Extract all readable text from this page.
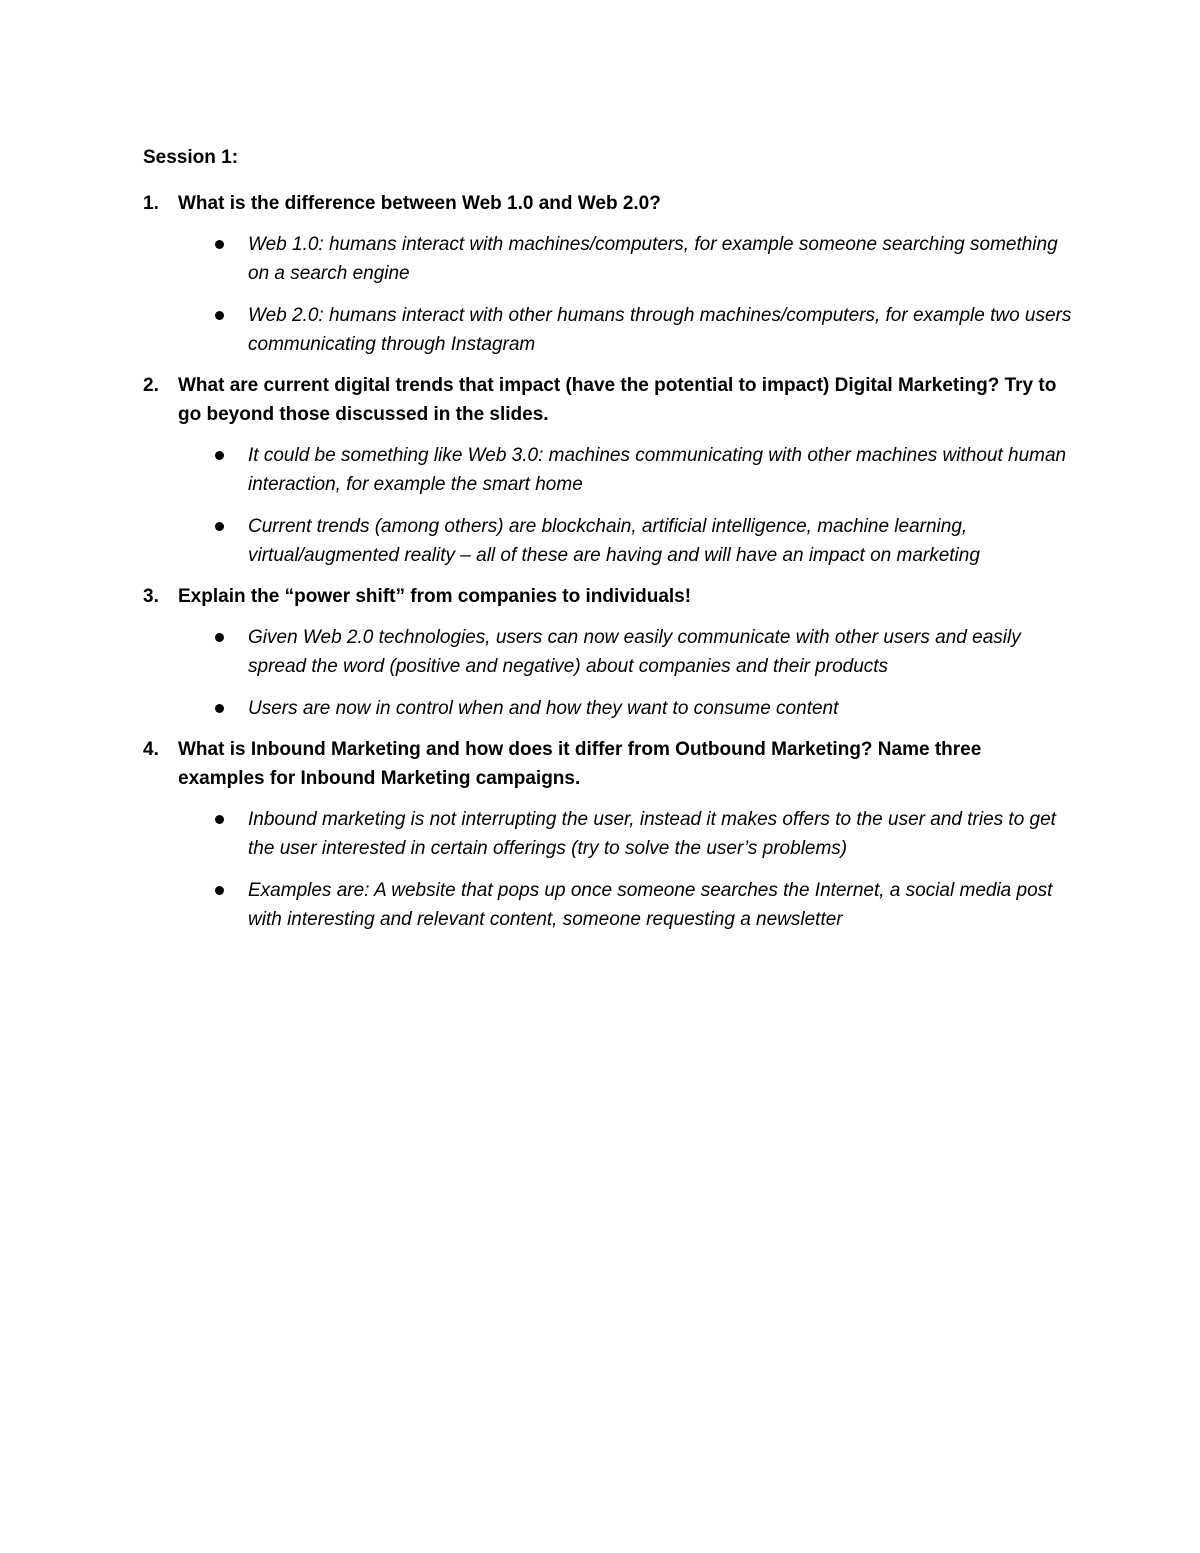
Session 1:
1. What is the difference between Web 1.0 and Web 2.0?
Web 1.0: humans interact with machines/computers, for example someone searching something on a search engine
Web 2.0: humans interact with other humans through machines/computers, for example two users communicating through Instagram
2. What are current digital trends that impact (have the potential to impact) Digital Marketing? Try to go beyond those discussed in the slides.
It could be something like Web 3.0: machines communicating with other machines without human interaction, for example the smart home
Current trends (among others) are blockchain, artificial intelligence, machine learning, virtual/augmented reality – all of these are having and will have an impact on marketing
3. Explain the “power shift” from companies to individuals!
Given Web 2.0 technologies, users can now easily communicate with other users and easily spread the word (positive and negative) about companies and their products
Users are now in control when and how they want to consume content
4. What is Inbound Marketing and how does it differ from Outbound Marketing? Name three examples for Inbound Marketing campaigns.
Inbound marketing is not interrupting the user, instead it makes offers to the user and tries to get the user interested in certain offerings (try to solve the user’s problems)
Examples are: A website that pops up once someone searches the Internet, a social media post with interesting and relevant content, someone requesting a newsletter
